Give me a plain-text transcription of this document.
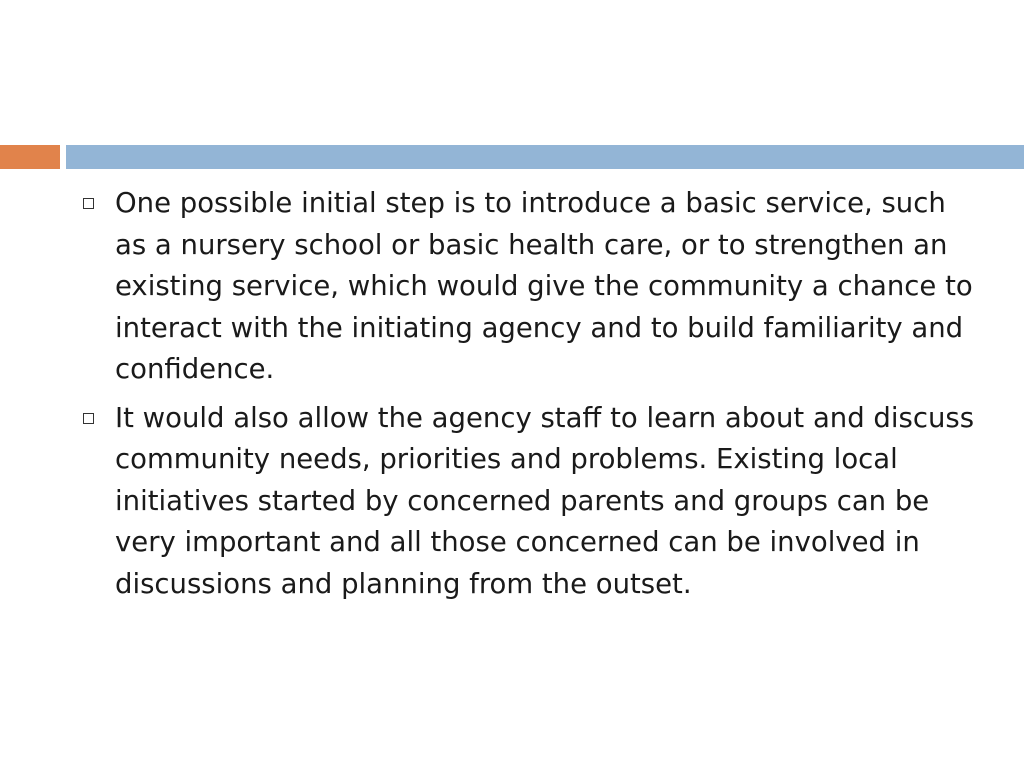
One possible initial step is to introduce a basic service, such as a nursery school or basic health care, or to strengthen an existing service, which would give the community a chance to interact with the initiating agency and to build familiarity and confidence.
It would also allow the agency staff to learn about and discuss community needs, priorities and problems. Existing local initiatives started by concerned parents and groups can be very important and all those concerned can be involved in discussions and planning from the outset.
